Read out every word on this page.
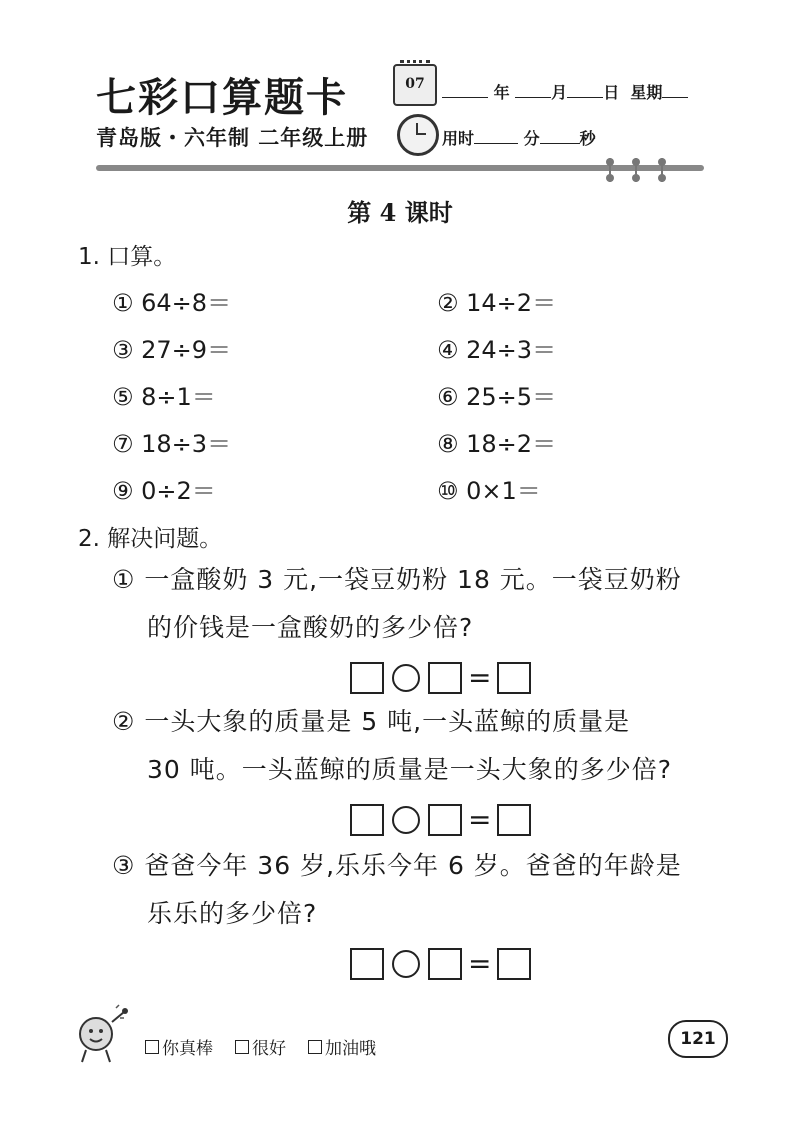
七彩口算题卡
青岛版・六年制 二年级上册
07	年	月 日 星期
用时	分	秒
第 4 课时
1. 口算。
① 64÷8＝	② 14÷2＝
③ 27÷9＝	④ 24÷3＝
⑤ 8÷1＝	⑥ 25÷5＝
⑦ 18÷3＝	⑧ 18÷2＝
⑨ 0÷2＝	⑩ 0×1＝
2. 解决问题。
① 一盒酸奶 3 元,一袋豆奶粉 18 元。一袋豆奶粉
的价钱是一盒酸奶的多少倍?
=
② 一头大象的质量是 5 吨,一头蓝鲸的质量是
30 吨。一头蓝鲸的质量是一头大象的多少倍?
=
③ 爸爸今年 36 岁,乐乐今年 6 岁。爸爸的年龄是
乐乐的多少倍?
=
你真棒 很好 加油哦	121
